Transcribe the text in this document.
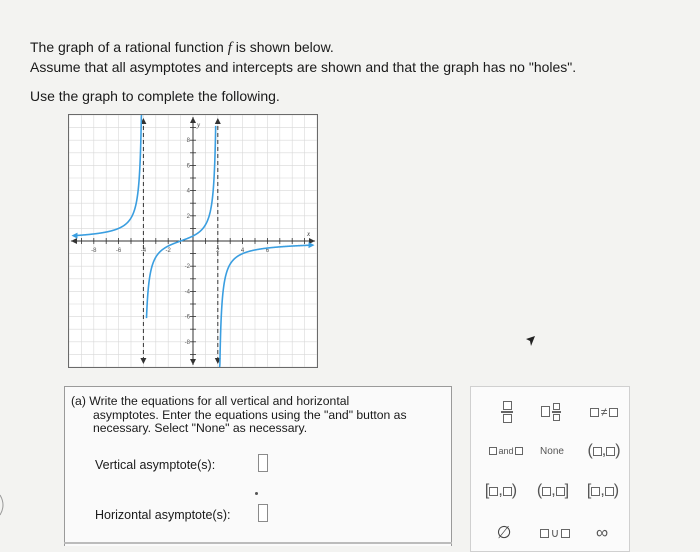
The graph of a rational function f is shown below.

Assume that all asymptotes and intercepts are shown and that the graph has no "holes".

Use the graph to complete the following.
x
y
-8	-6	-4	-2	2	4	6
8
6
4
2
-2
-4
-6
-8
(a) Write the equations for all vertical and horizontal
asymptotes. Enter the equations using the "and" button as
necessary. Select "None" as necessary.
Vertical asymptote(s):
Horizontal asymptote(s):
≠
and	None	( , )
[ , ) ( , ] [ , )
∅	∪ ∞
